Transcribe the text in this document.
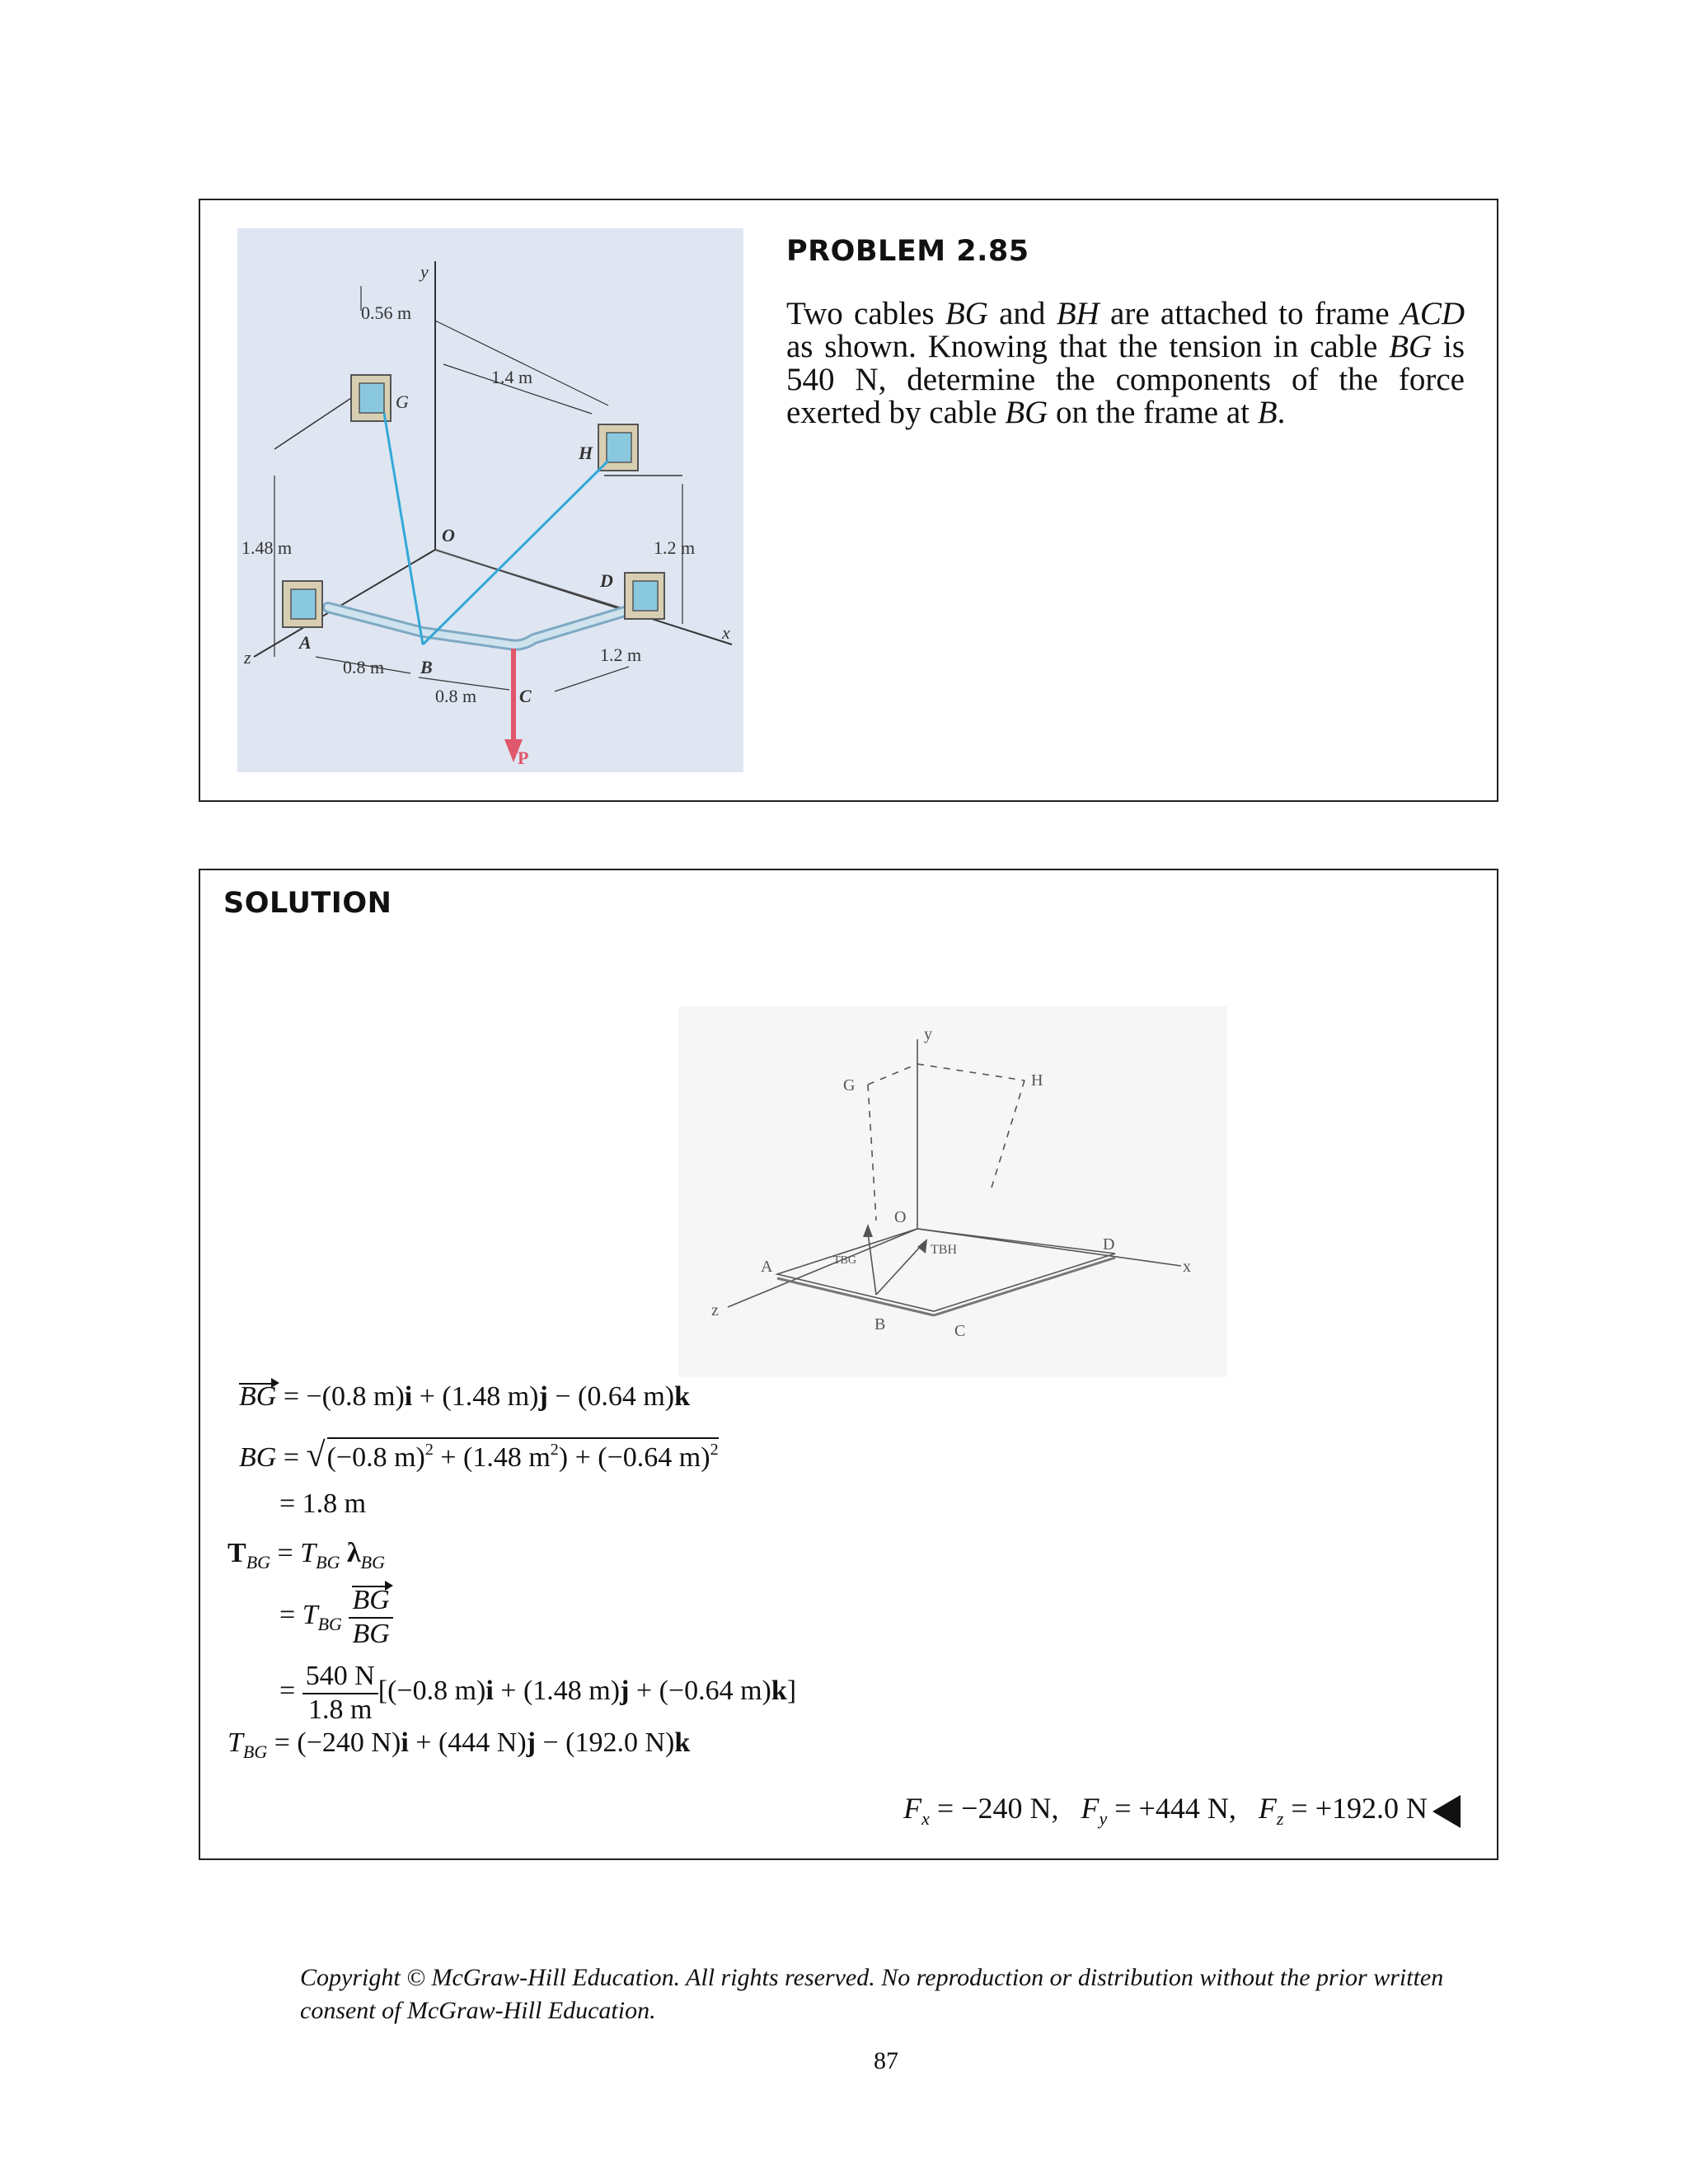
y
0.56 m
1.4 m
G
H
O
1.48 m	1.2 m
D
x
z
A
0.8 m B
1.2 m
0.8 m C
P
PROBLEM 2.85
Two cables BG and BH are attached to frame ACD as shown. Knowing that the tension in cable BG is 540 N, determine the components of the force exerted by cable BG on the frame at B.
SOLUTION
y
G	H
O
D
x
A
z
B	C
TBG
TBH
BG = −(0.8 m)i + (1.48 m)j − (0.64 m)k
BG = √(−0.8 m)$^2$ + (1.48 $m^2) + (-0.64$ m)$^2$
= 1.8 m
$T_{BG} = T_{BG}$ $\lambda_{BG}$
= $T_{BG} \frac{BG}{BG}$
= $\frac{540 N}{1.8 m} [(-0.8$ m)i + (1.48 m)j + (−0.64 m)k]
$T_{BG} = (-240$ N)i + (444 N)j − (192.0 N)k
$F_x = -240$ N, $F_y = +444$ N, $F_z = +192.0$ N
Copyright © McGraw-Hill Education. All rights reserved. No reproduction or distribution without the prior written consent of McGraw-Hill Education.
87
